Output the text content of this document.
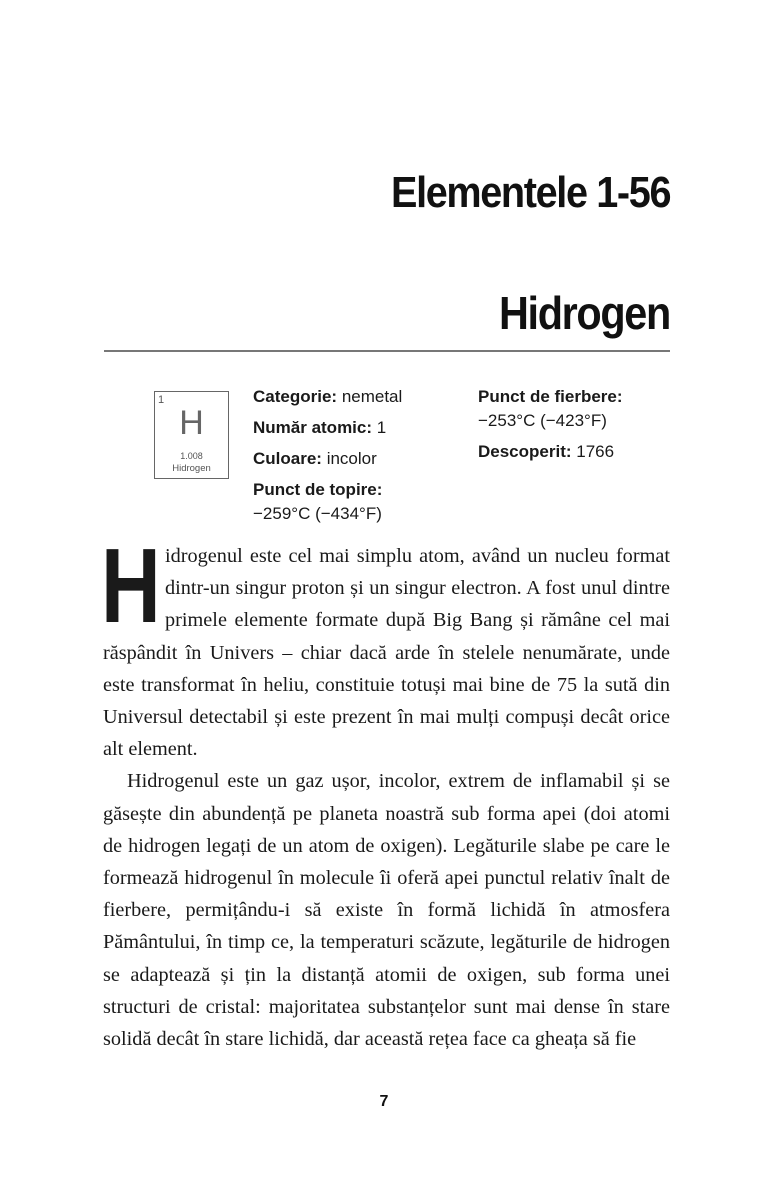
Elementele 1-56
Hidrogen
1
H
1.008
Hidrogen
Categorie: nemetal
Număr atomic: 1
Culoare: incolor
Punct de topire:
−259°C (−434°F)
Punct de fierbere:
−253°C (−423°F)
Descoperit: 1766

Hidrogenul este cel mai simplu atom, având un nucleu format dintr-un singur proton și un singur electron. A fost unul dintre primele elemente formate după Big Bang și rămâne cel mai răspândit în Univers – chiar dacă arde în stelele nenumărate, unde este transformat în heliu, constituie totuși mai bine de 75 la sută din Universul detectabil și este prezent în mai mulți compuși decât orice alt element.

Hidrogenul este un gaz ușor, incolor, extrem de inflamabil și se găsește din abundență pe planeta noastră sub forma apei (doi atomi de hidrogen legați de un atom de oxigen). Legăturile slabe pe care le formează hidrogenul în molecule îi oferă apei punctul relativ înalt de fierbere, permițându-i să existe în formă lichidă în atmosfera Pământului, în timp ce, la temperaturi scăzute, legăturile de hidrogen se adaptează și țin la distanță atomii de oxigen, sub forma unei structuri de cristal: majoritatea substanțelor sunt mai dense în stare solidă decât în stare lichidă, dar această rețea face ca gheața să fie

7
